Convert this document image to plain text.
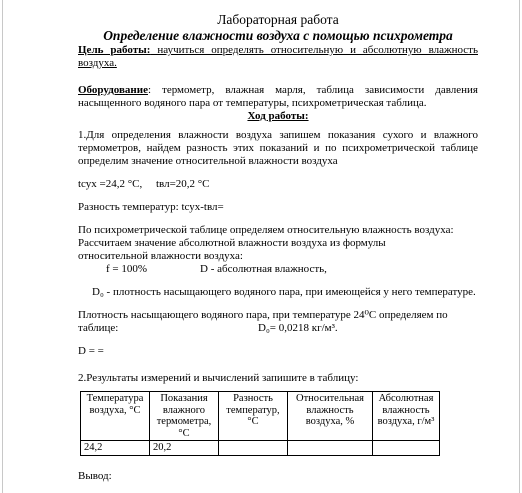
Лабораторная работа
Определение влажности воздуха с помощью психрометра
Цель работы: научиться определять относительную и абсолютную влажность воздуха.
Оборудование: термометр, влажная марля, таблица зависимости давления насыщенного водяного пара от температуры, психрометрическая таблица.
Ход работы:
1.Для определения влажности воздуха запишем показания сухого и влажного термометров, найдем разность этих показаний и по психрометрической таблице определим значение относительной влажности воздуха
tсух =24,2 °С, tвл=20,2 °С
Разность температур: tсух-tвл=
По психрометрической таблице определяем относительную влажность воздуха:
Рассчитаем значение абсолютной влажности воздуха из формулы
относительной влажности воздуха:
f = 100%	D - абсолютная влажность,
D₀ - плотность насыщающего водяного пара, при имеющейся у него температуре.
Плотность насыщающего водяного пара, при температуре 24⁰С определяем по
таблице:	D₀= 0,0218 кг/м³.
D = =
2.Результаты измерений и вычислений запишите в таблицу:
Температура воздуха, °С	Показания влажного термометра, °С	Разность температур, °С	Относительная влажность воздуха, %	Абсолютная влажность воздуха, г/м³
24,2	20,2			
Вывод:
